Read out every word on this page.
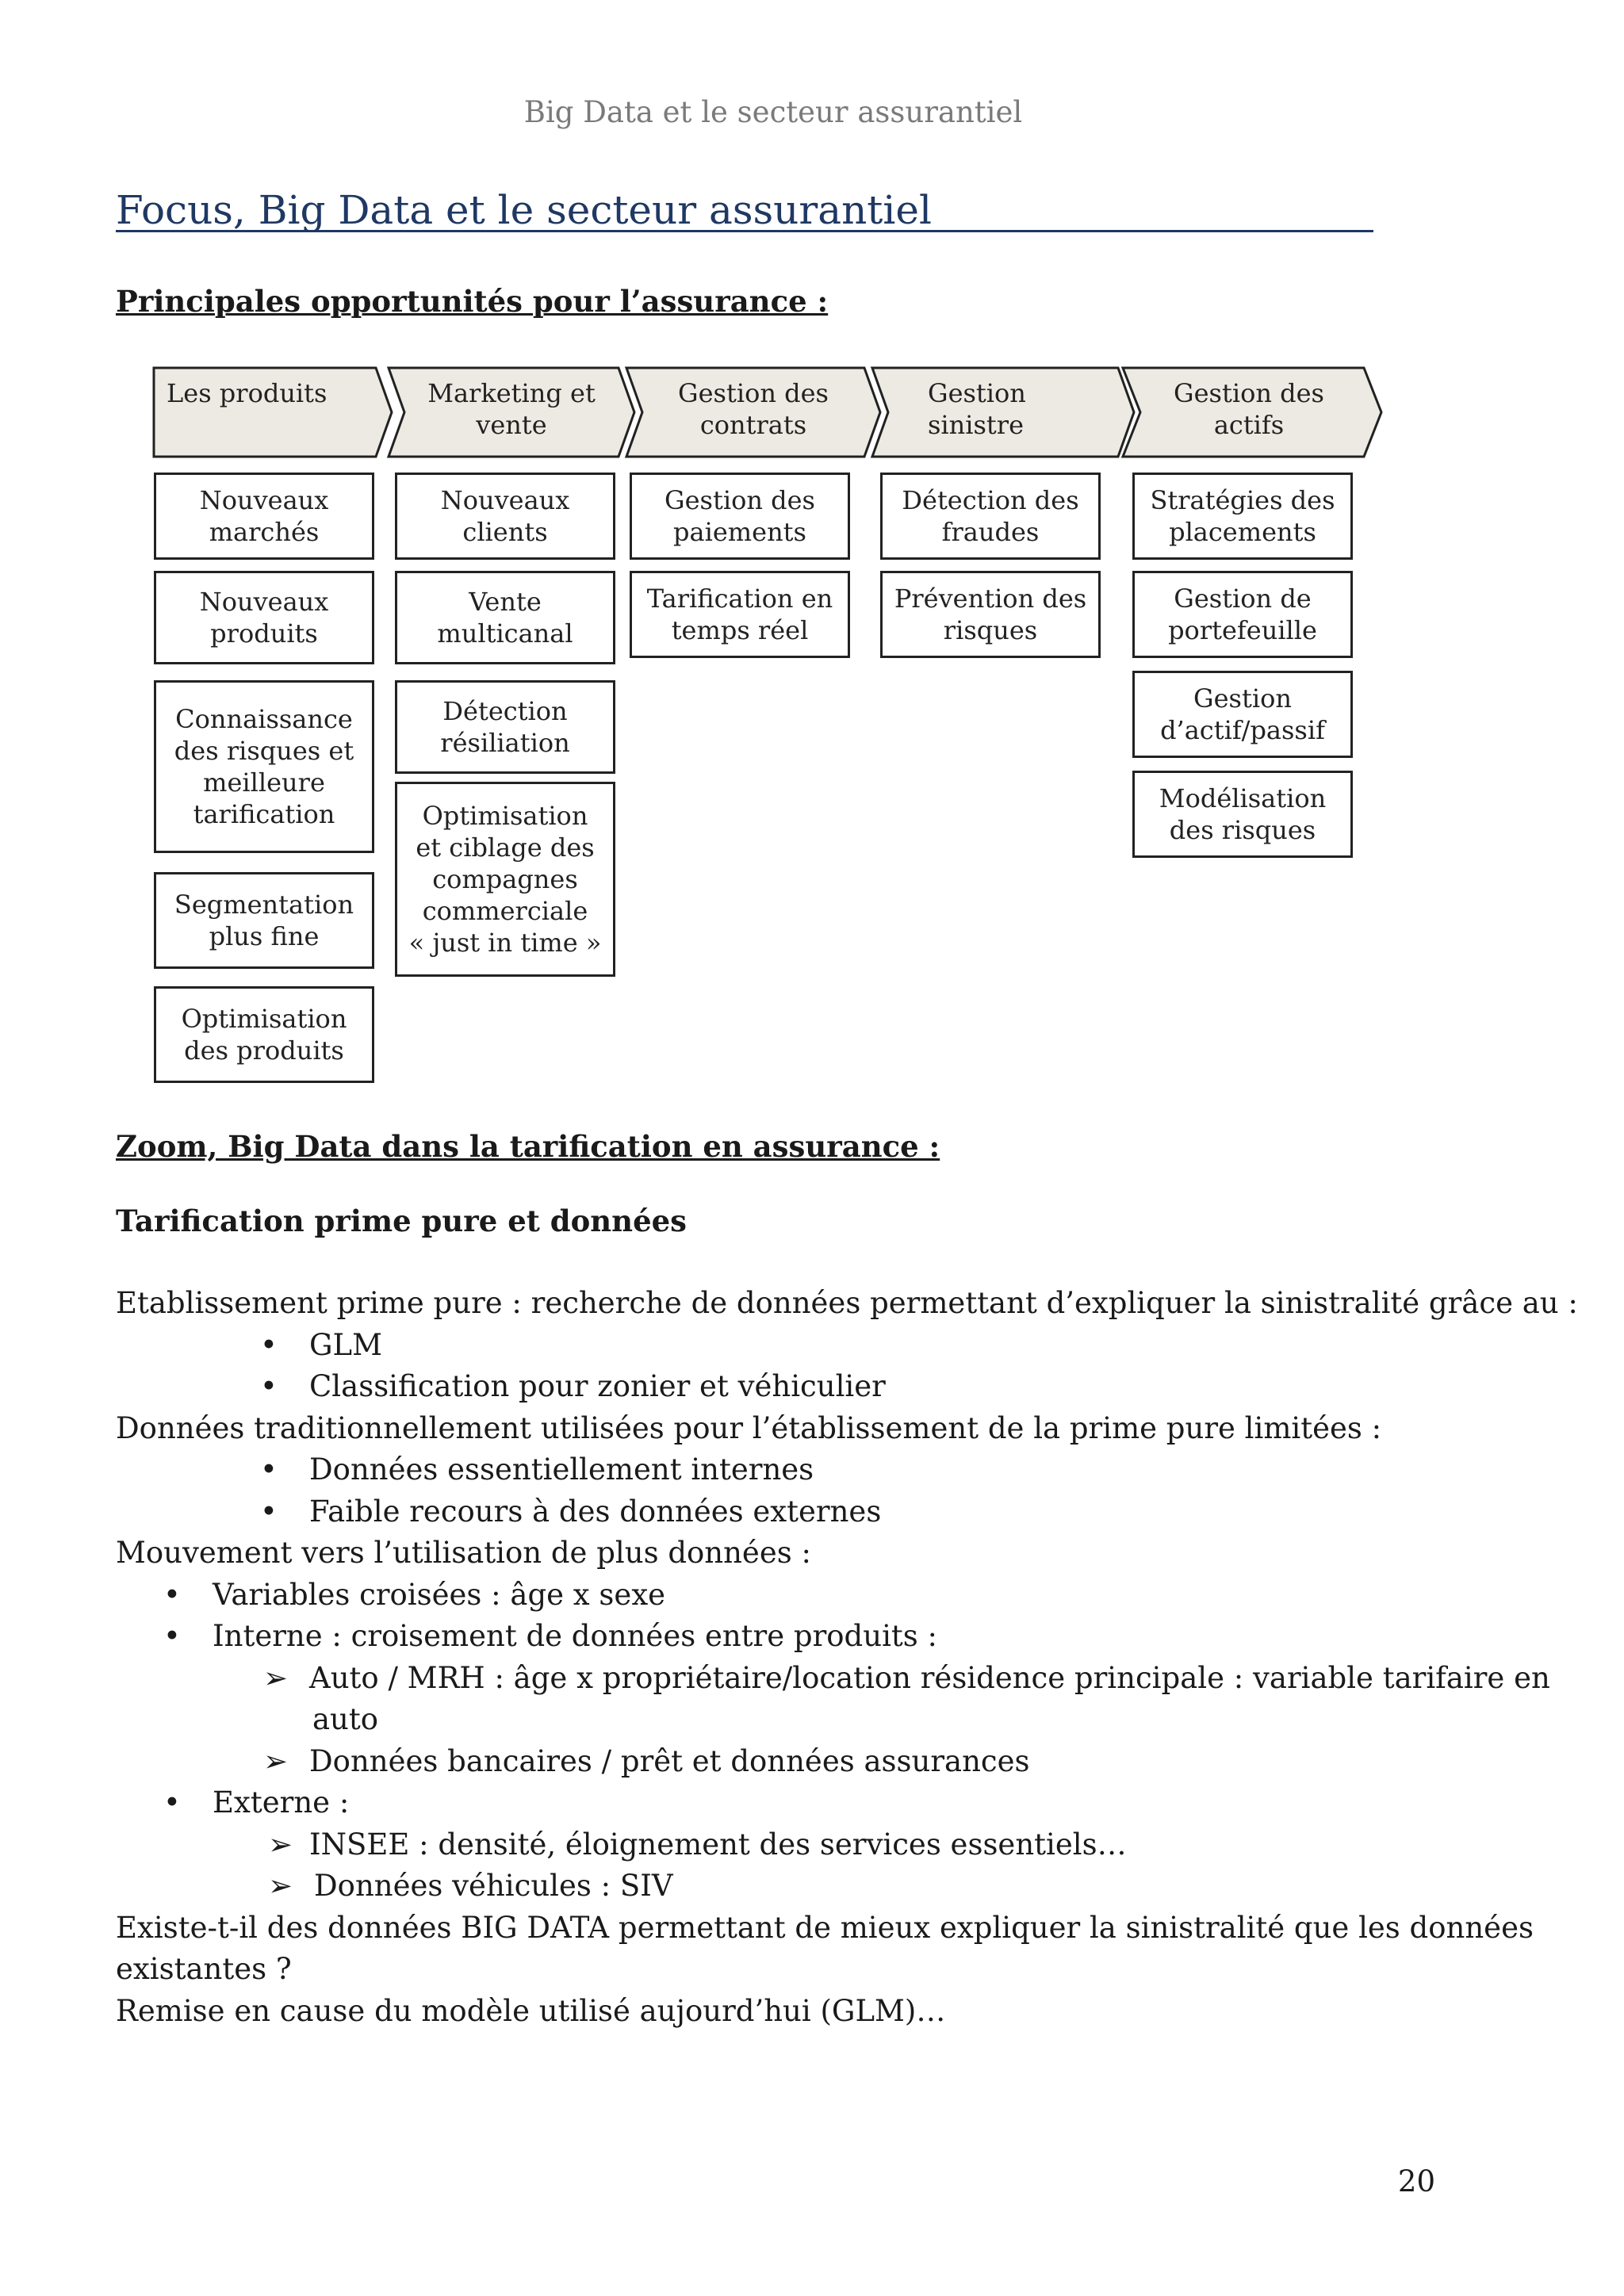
Big Data et le secteur assurantiel
Focus, Big Data et le secteur assurantiel
Principales opportunités pour l’assurance :
Les produits	Marketing et
vente
Gestion des
contrats
Gestion
sinistre
Gestion des actifs
Nouveaux
marchés
Nouveaux
produits
Connaissance
des risques et
meilleure
tarification
Segmentation
plus fine
Optimisation
des produits
Nouveaux
clients
Vente
multicanal
Détection
résiliation
Optimisation
et ciblage des
compagnes
commerciale
« just in time »
Gestion des
paiements
Tarification en
temps réel
Détection des
fraudes
Prévention des
risques
Stratégies des
placements
Gestion de
portefeuille
Gestion
d’actif/passif
Modélisation
des risques
Zoom, Big Data dans la tarification en assurance :
Tarification prime pure et données
Etablissement prime pure : recherche de données permettant d’expliquer la sinistralité grâce au :
• GLM
• Classification pour zonier et véhiculier
Données traditionnellement utilisées pour l’établissement de la prime pure limitées :
• Données essentiellement internes
• Faible recours à des données externes
Mouvement vers l’utilisation de plus données :
• Variables croisées : âge x sexe
• Interne : croisement de données entre produits :
➢ Auto / MRH : âge x propriétaire/location résidence principale : variable tarifaire en
auto
➢ Données bancaires / prêt et données assurances
• Externe :
➢ INSEE : densité, éloignement des services essentiels…
➢ Données véhicules : SIV
Existe-t-il des données BIG DATA permettant de mieux expliquer la sinistralité que les données
existantes ?
Remise en cause du modèle utilisé aujourd’hui (GLM)…
20
